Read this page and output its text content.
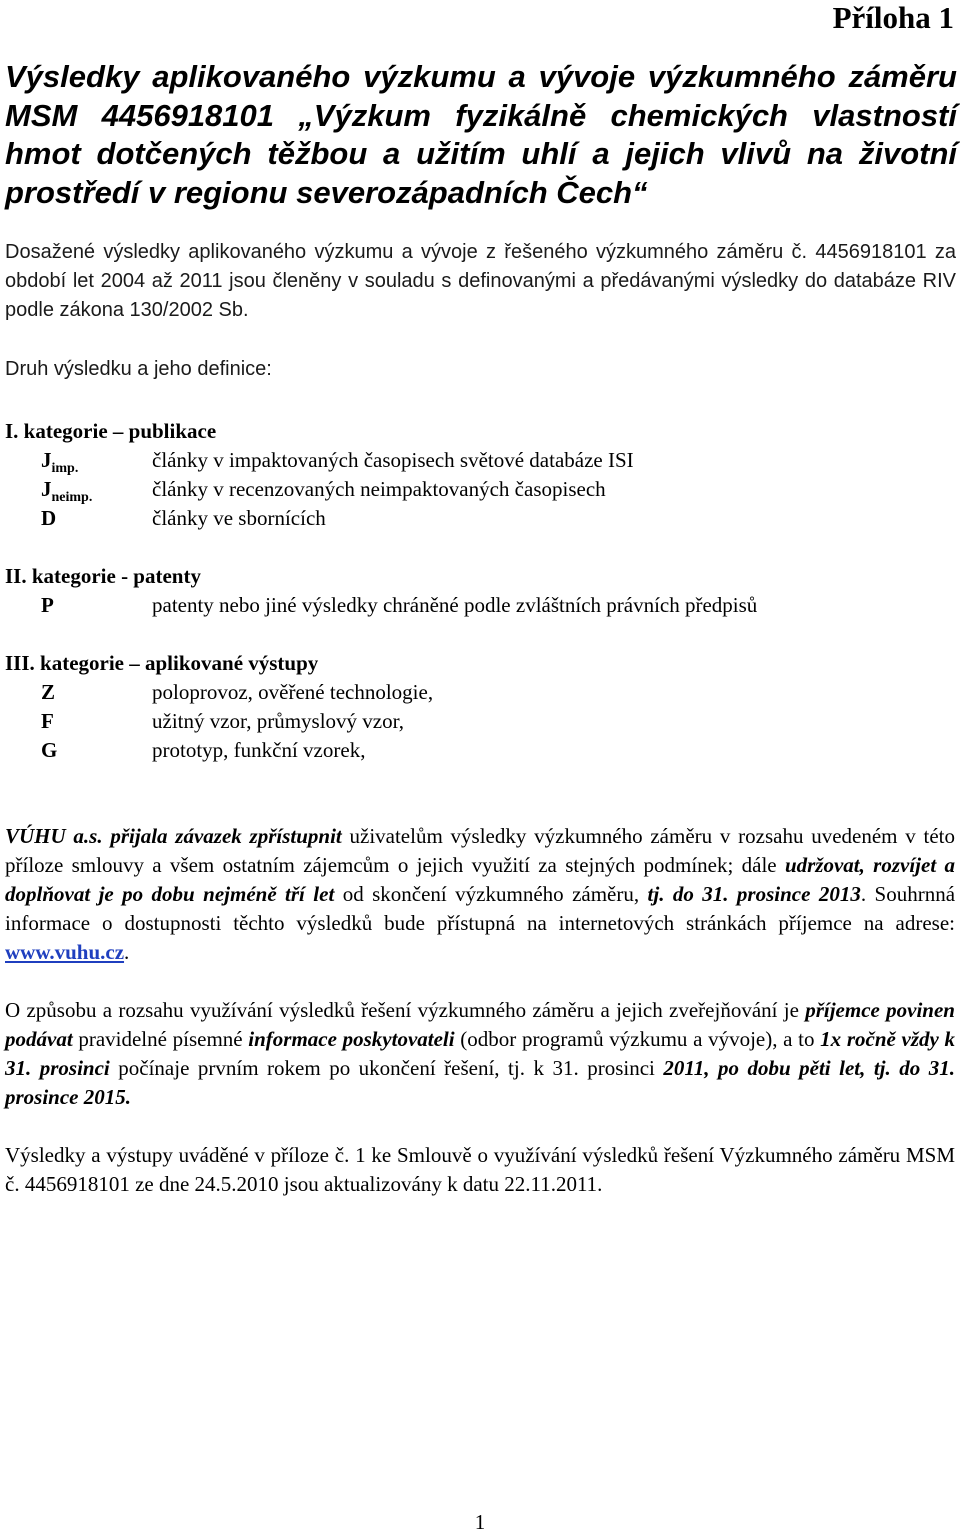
Příloha 1

Výsledky aplikovaného výzkumu a vývoje výzkumného záměru MSM 4456918101 „Výzkum fyzikálně chemických vlastností hmot dotčených těžbou a užitím uhlí a jejich vlivů na životní prostředí v regionu severozápadních Čech“

Dosažené výsledky aplikovaného výzkumu a vývoje z řešeného výzkumného záměru č. 4456918101 za období let 2004 až 2011 jsou členěny v souladu s definovanými a předávanými výsledky do databáze RIV podle zákona 130/2002 Sb.

Druh výsledku a jeho definice:

I. kategorie – publikace
$J_{imp.}$	články v impaktovaných časopisech světové databáze ISI
$J_{neimp.}$	články v recenzovaných neimpaktovaných časopisech
D	články ve sbornících
II. kategorie - patenty
P	patenty nebo jiné výsledky chráněné podle zvláštních právních předpisů
III. kategorie – aplikované výstupy
Z	poloprovoz, ověřené technologie,
F	užitný vzor, průmyslový vzor,
G	prototyp, funkční vzorek,

VÚHU a.s. přijala závazek zpřístupnit uživatelům výsledky výzkumného záměru v rozsahu uvedeném v této příloze smlouvy a všem ostatním zájemcům o jejich využití za stejných podmínek; dále udržovat, rozvíjet a doplňovat je po dobu nejméně tří let od skončení výzkumného záměru, tj. do 31. prosince 2013. Souhrnná informace o dostupnosti těchto výsledků bude přístupná na internetových stránkách příjemce na adrese: www.vuhu.cz.

O způsobu a rozsahu využívání výsledků řešení výzkumného záměru a jejich zveřejňování je příjemce povinen podávat pravidelné písemné informace poskytovateli (odbor programů výzkumu a vývoje), a to 1x ročně vždy k 31. prosinci počínaje prvním rokem po ukončení řešení, tj. k 31. prosinci 2011, po dobu pěti let, tj. do 31. prosince 2015.

Výsledky a výstupy uváděné v příloze č. 1 ke Smlouvě o využívání výsledků řešení Výzkumného záměru MSM č. 4456918101 ze dne 24.5.2010 jsou aktualizovány k datu 22.11.2011.

1
